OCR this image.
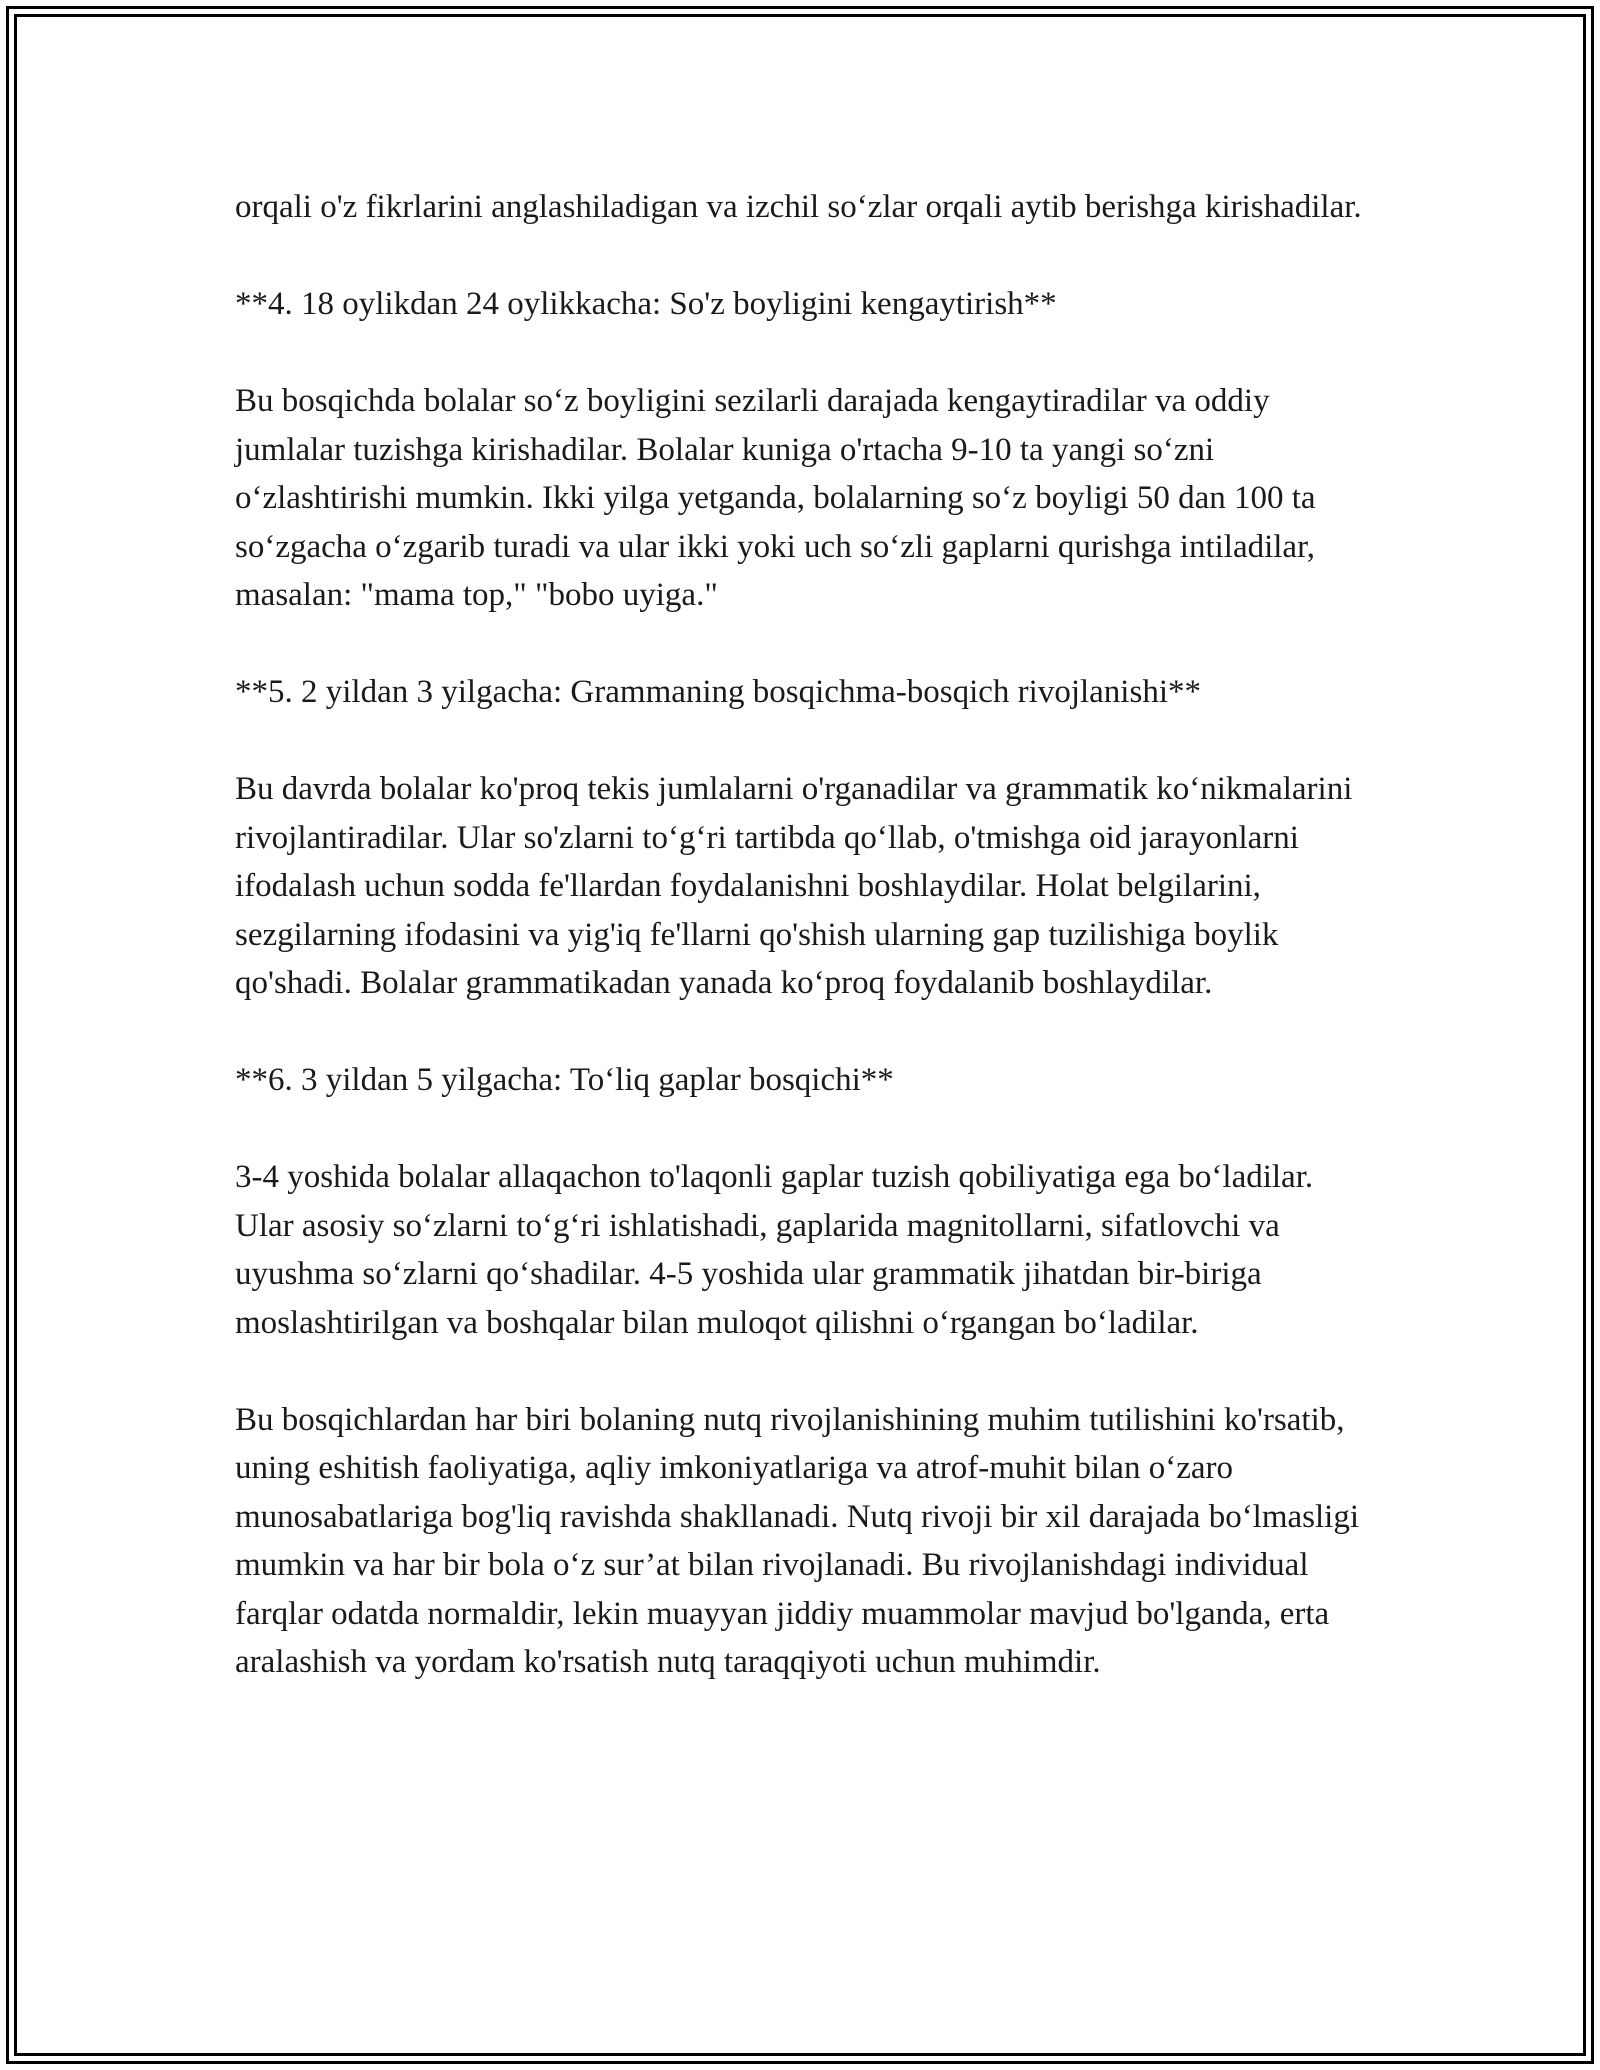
orqali o'z fikrlarini anglashiladigan va izchil so‘zlar orqali aytib berishga kirishadilar.

**4. 18 oylikdan 24 oylikkacha: So'z boyligini kengaytirish**

Bu bosqichda bolalar so‘z boyligini sezilarli darajada kengaytiradilar va oddiy jumlalar tuzishga kirishadilar. Bolalar kuniga o'rtacha 9-10 ta yangi so‘zni o‘zlashtirishi mumkin. Ikki yilga yetganda, bolalarning so‘z boyligi 50 dan 100 ta so‘zgacha o‘zgarib turadi va ular ikki yoki uch so‘zli gaplarni qurishga intiladilar, masalan: "mama top," "bobo uyiga."

**5. 2 yildan 3 yilgacha: Grammaning bosqichma-bosqich rivojlanishi**

Bu davrda bolalar ko'proq tekis jumlalarni o'rganadilar va grammatik ko‘nikmalarini rivojlantiradilar. Ular so'zlarni to‘g‘ri tartibda qo‘llab, o'tmishga oid jarayonlarni ifodalash uchun sodda fe'llardan foydalanishni boshlaydilar. Holat belgilarini, sezgilarning ifodasini va yig'iq fe'llarni qo'shish ularning gap tuzilishiga boylik qo'shadi. Bolalar grammatikadan yanada ko‘proq foydalanib boshlaydilar.

**6. 3 yildan 5 yilgacha: To‘liq gaplar bosqichi**

3-4 yoshida bolalar allaqachon to'laqonli gaplar tuzish qobiliyatiga ega bo‘ladilar. Ular asosiy so‘zlarni to‘g‘ri ishlatishadi, gaplarida magnitollarni, sifatlovchi va uyushma so‘zlarni qo‘shadilar. 4-5 yoshida ular grammatik jihatdan bir-biriga moslashtirilgan va boshqalar bilan muloqot qilishni o‘rgangan bo‘ladilar.

Bu bosqichlardan har biri bolaning nutq rivojlanishining muhim tutilishini ko'rsatib, uning eshitish faoliyatiga, aqliy imkoniyatlariga va atrof-muhit bilan o‘zaro munosabatlariga bog'liq ravishda shakllanadi. Nutq rivoji bir xil darajada bo‘lmasligi mumkin va har bir bola o‘z sur’at bilan rivojlanadi. Bu rivojlanishdagi individual farqlar odatda normaldir, lekin muayyan jiddiy muammolar mavjud bo'lganda, erta aralashish va yordam ko'rsatish nutq taraqqiyoti uchun muhimdir.
